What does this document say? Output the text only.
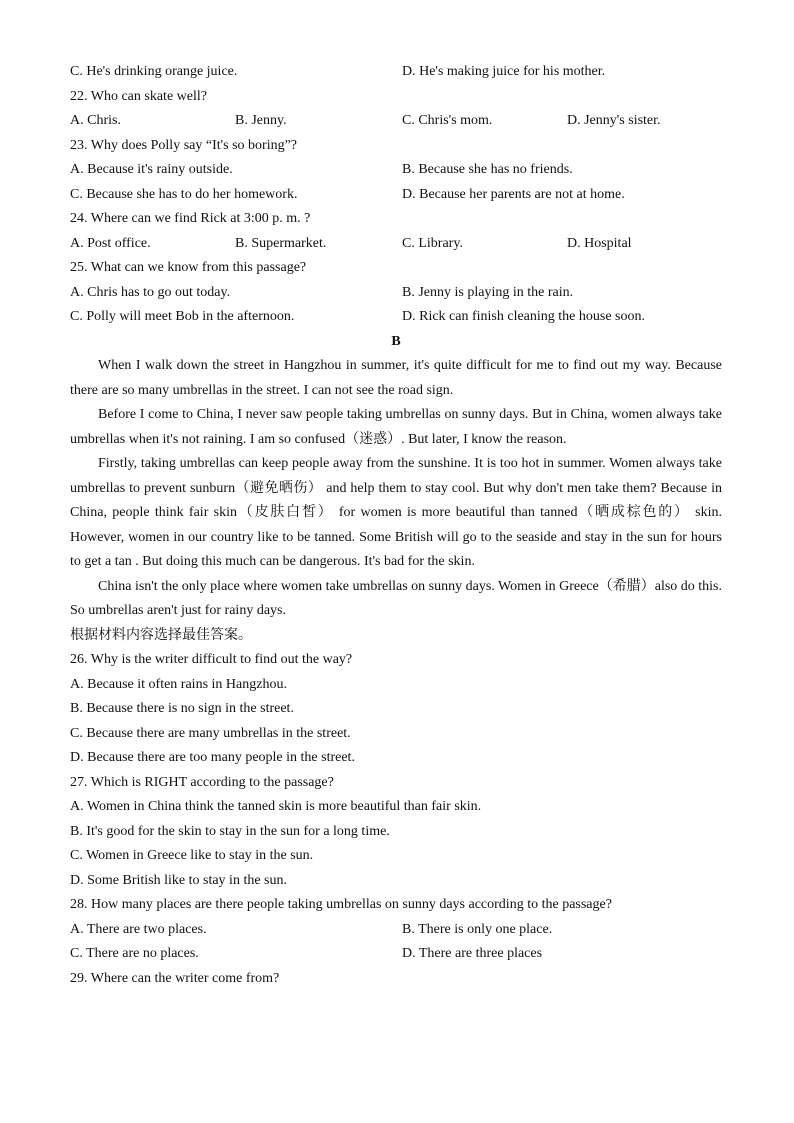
C. He's drinking orange juice.	D. He's making juice for his mother.
22. Who can skate well?
A. Chris.	B. Jenny.	C. Chris's mom.	D. Jenny's sister.
23. Why does Polly say “It's so boring”?
A. Because it's rainy outside.	B. Because she has no friends.
C. Because she has to do her homework.	D. Because her parents are not at home.
24. Where can we find Rick at 3:00 p. m. ?
A. Post office.	B. Supermarket.	C. Library.	D. Hospital
25. What can we know from this passage?
A. Chris has to go out today.	B. Jenny is playing in the rain.
C. Polly will meet Bob in the afternoon.	D. Rick can finish cleaning the house soon.
B

When I walk down the street in Hangzhou in summer, it's quite difficult for me to find out my way. Because there are so many umbrellas in the street. I can not see the road sign.

Before I come to China, I never saw people taking umbrellas on sunny days. But in China, women always take umbrellas when it's not raining. I am so confused（迷惑）. But later, I know the reason.

Firstly, taking umbrellas can keep people away from the sunshine. It is too hot in summer. Women always take umbrellas to prevent sunburn（避免晒伤） and help them to stay cool. But why don't men take them? Because in China, people think fair skin（皮肤白皙） for women is more beautiful than tanned（晒成棕色的） skin. However, women in our country like to be tanned. Some British will go to the seaside and stay in the sun for hours to get a tan . But doing this much can be dangerous. It's bad for the skin.

China isn't the only place where women take umbrellas on sunny days. Women in Greece（希腊）also do this. So umbrellas aren't just for rainy days.

根据材料内容选择最佳答案。
26. Why is the writer difficult to find out the way?
A. Because it often rains in Hangzhou.
B. Because there is no sign in the street.
C. Because there are many umbrellas in the street.
D. Because there are too many people in the street.
27. Which is RIGHT according to the passage?
A. Women in China think the tanned skin is more beautiful than fair skin.
B. It's good for the skin to stay in the sun for a long time.
C. Women in Greece like to stay in the sun.
D. Some British like to stay in the sun.
28. How many places are there people taking umbrellas on sunny days according to the passage?
A. There are two places.	B. There is only one place.
C. There are no places.	D. There are three places
29. Where can the writer come from?
